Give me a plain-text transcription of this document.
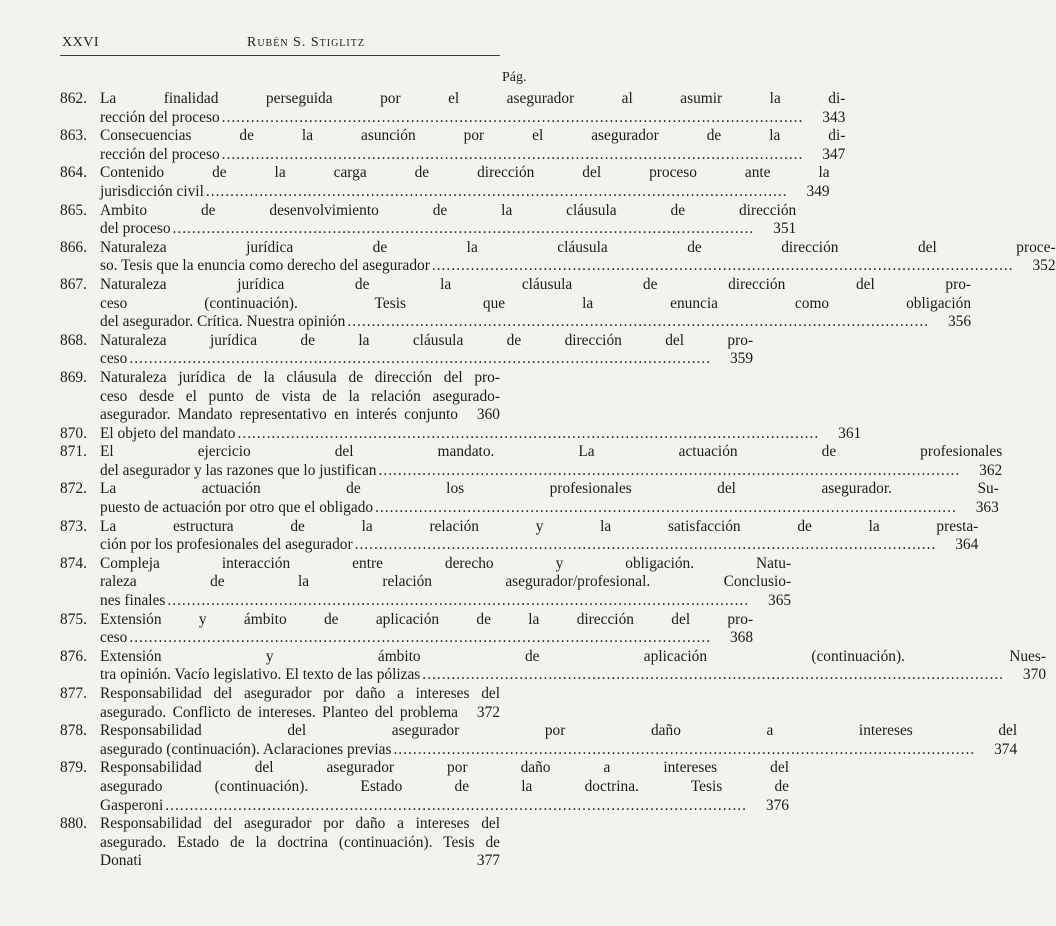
XXVI	Rubén S. Stiglitz
Pág.
862. La finalidad perseguida por el asegurador al asumir la di-
rección del proceso ........................................................................................................................	343
863. Consecuencias de la asunción por el asegurador de la di-
rección del proceso ........................................................................................................................	347
864. Contenido de la carga de dirección del proceso ante la
jurisdicción civil ........................................................................................................................	349
865. Ambito de desenvolvimiento de la cláusula de dirección
del proceso ........................................................................................................................	351
866. Naturaleza jurídica de la cláusula de dirección del proce-
so. Tesis que la enuncia como derecho del asegurador ........................................................................................................................	352
867. Naturaleza jurídica de la cláusula de dirección del pro-
ceso (continuación). Tesis que la enuncia como obligación
del asegurador. Crítica. Nuestra opinión ........................................................................................................................	356
868. Naturaleza jurídica de la cláusula de dirección del pro-
ceso ........................................................................................................................	359
869. Naturaleza jurídica de la cláusula de dirección del pro-
ceso desde el punto de vista de la relación asegurado-
asegurador. Mandato representativo en interés conjunto	360
870. El objeto del mandato ........................................................................................................................	361
871. El ejercicio del mandato. La actuación de profesionales
del asegurador y las razones que lo justifican ........................................................................................................................	362
872. La actuación de los profesionales del asegurador. Su-
puesto de actuación por otro que el obligado ........................................................................................................................	363
873. La estructura de la relación y la satisfacción de la presta-
ción por los profesionales del asegurador ........................................................................................................................	364
874. Compleja interacción entre derecho y obligación. Natu-
raleza de la relación asegurador/profesional. Conclusio-
nes finales ........................................................................................................................	365
875. Extensión y ámbito de aplicación de la dirección del pro-
ceso ........................................................................................................................	368
876. Extensión y ámbito de aplicación (continuación). Nues-
tra opinión. Vacío legislativo. El texto de las pólizas ........................................................................................................................	370
877. Responsabilidad del asegurador por daño a intereses del
asegurado. Conflicto de intereses. Planteo del problema	372
878. Responsabilidad del asegurador por daño a intereses del
asegurado (continuación). Aclaraciones previas ........................................................................................................................	374
879. Responsabilidad del asegurador por daño a intereses del
asegurado (continuación). Estado de la doctrina. Tesis de
Gasperoni ........................................................................................................................	376
880. Responsabilidad del asegurador por daño a intereses del
asegurado. Estado de la doctrina (continuación). Tesis de
Donati	377
